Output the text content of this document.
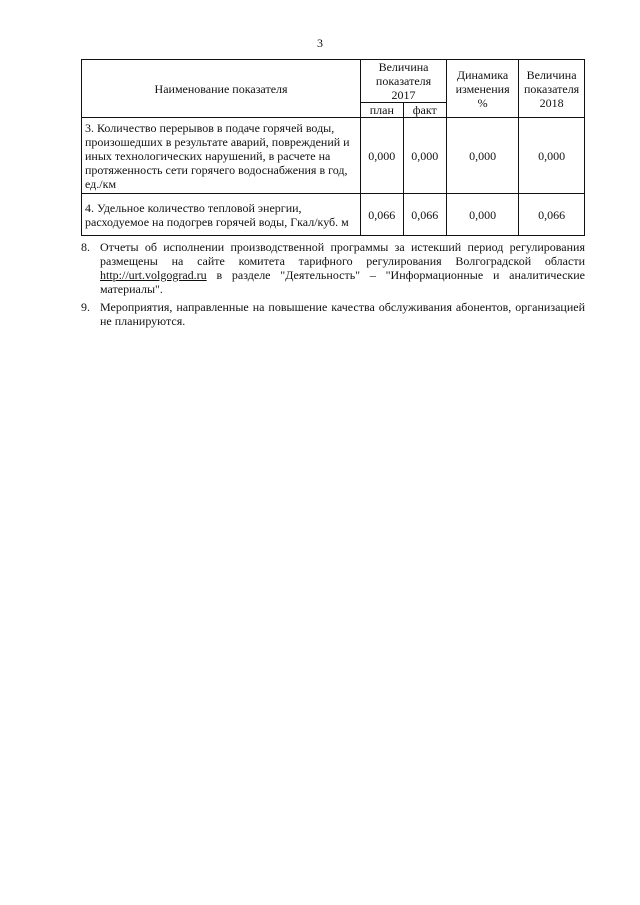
3
Наименование показателя	Величина показателя 2017		Динамика изменения %	Величина показателя 2018
	план	факт		
3. Количество перерывов в подаче горячей воды, произошедших в результате аварий, повреждений и иных технологических нарушений, в расчете на протяженность сети горячего водоснабжения в год, ед./км	0,000	0,000	0,000	0,000
4. Удельное количество тепловой энергии, расходуемое на подогрев горячей воды, Гкал/куб. м	0,066	0,066	0,000	0,066
8. Отчеты об исполнении производственной программы за истекший период регулирования размещены на сайте комитета тарифного регулирования Волгоградской области http://urt.volgograd.ru в разделе "Деятельность" – "Информационные и аналитические материалы".
9. Мероприятия, направленные на повышение качества обслуживания абонентов, организацией не планируются.
